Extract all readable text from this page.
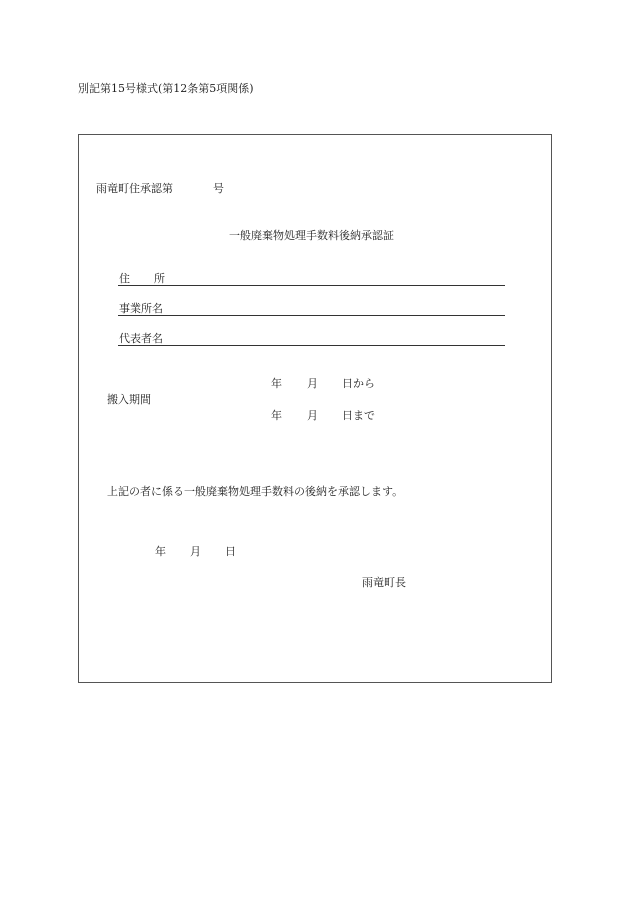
別記第15号様式(第12条第5項関係)
雨竜町住承認第	号
一般廃棄物処理手数料後納承認証
住 所
事業所名
代表者名
搬入期間
年 月 日から
年 月 日まで
上記の者に係る一般廃棄物処理手数料の後納を承認します。
年 月 日
雨竜町長
